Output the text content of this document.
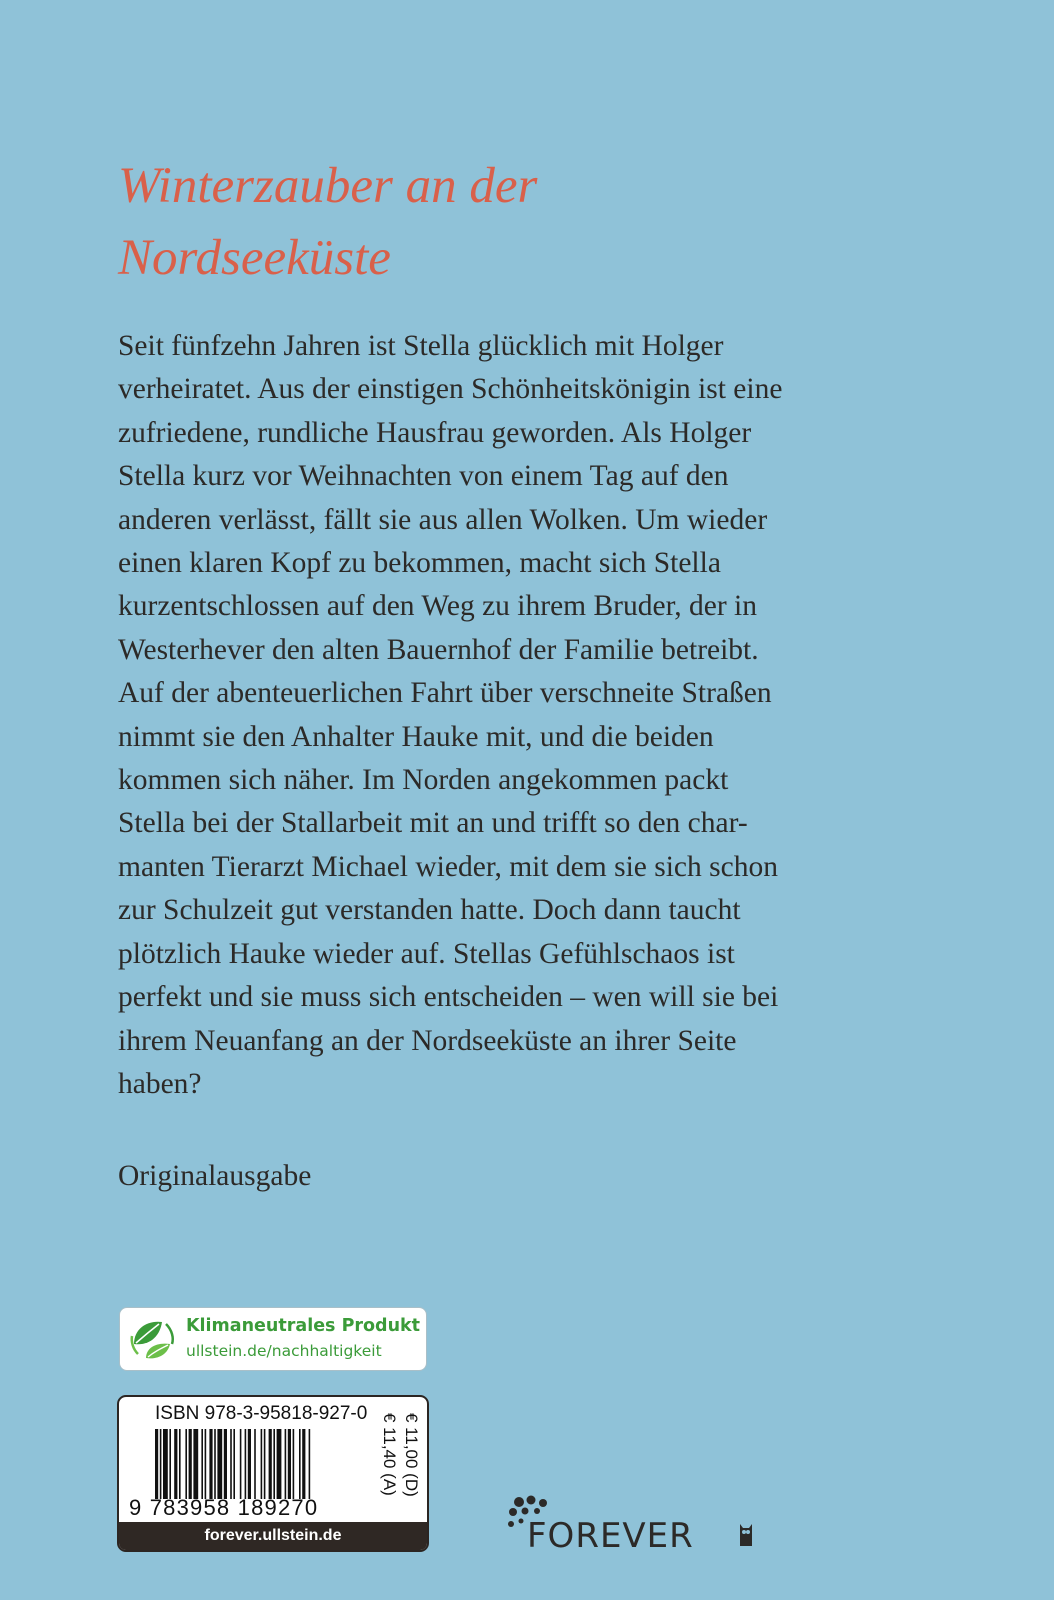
Winterzauber an der
Nordseeküste
Seit fünfzehn Jahren ist Stella glücklich mit Holger
verheiratet. Aus der einstigen Schönheitskönigin ist eine
zufriedene, rundliche Hausfrau geworden. Als Holger
Stella kurz vor Weihnachten von einem Tag auf den
anderen verlässt, fällt sie aus allen Wolken. Um wieder
einen klaren Kopf zu bekommen, macht sich Stella
kurzentschlossen auf den Weg zu ihrem Bruder, der in
Westerhever den alten Bauernhof der Familie betreibt.
Auf der abenteuerlichen Fahrt über verschneite Straßen
nimmt sie den Anhalter Hauke mit, und die beiden
kommen sich näher. Im Norden angekommen packt
Stella bei der Stallarbeit mit an und trifft so den char-
manten Tierarzt Michael wieder, mit dem sie sich schon
zur Schulzeit gut verstanden hatte. Doch dann taucht
plötzlich Hauke wieder auf. Stellas Gefühlschaos ist
perfekt und sie muss sich entscheiden – wen will sie bei
ihrem Neuanfang an der Nordseeküste an ihrer Seite
haben?
Originalausgabe
Klimaneutrales Produkt
ullstein.de/nachhaltigkeit
ISBN 978-3-95818-927-0
9 783958 189270
€ 11,00 (D)
€ 11,40 (A)
forever.ullstein.de	FOREVER
